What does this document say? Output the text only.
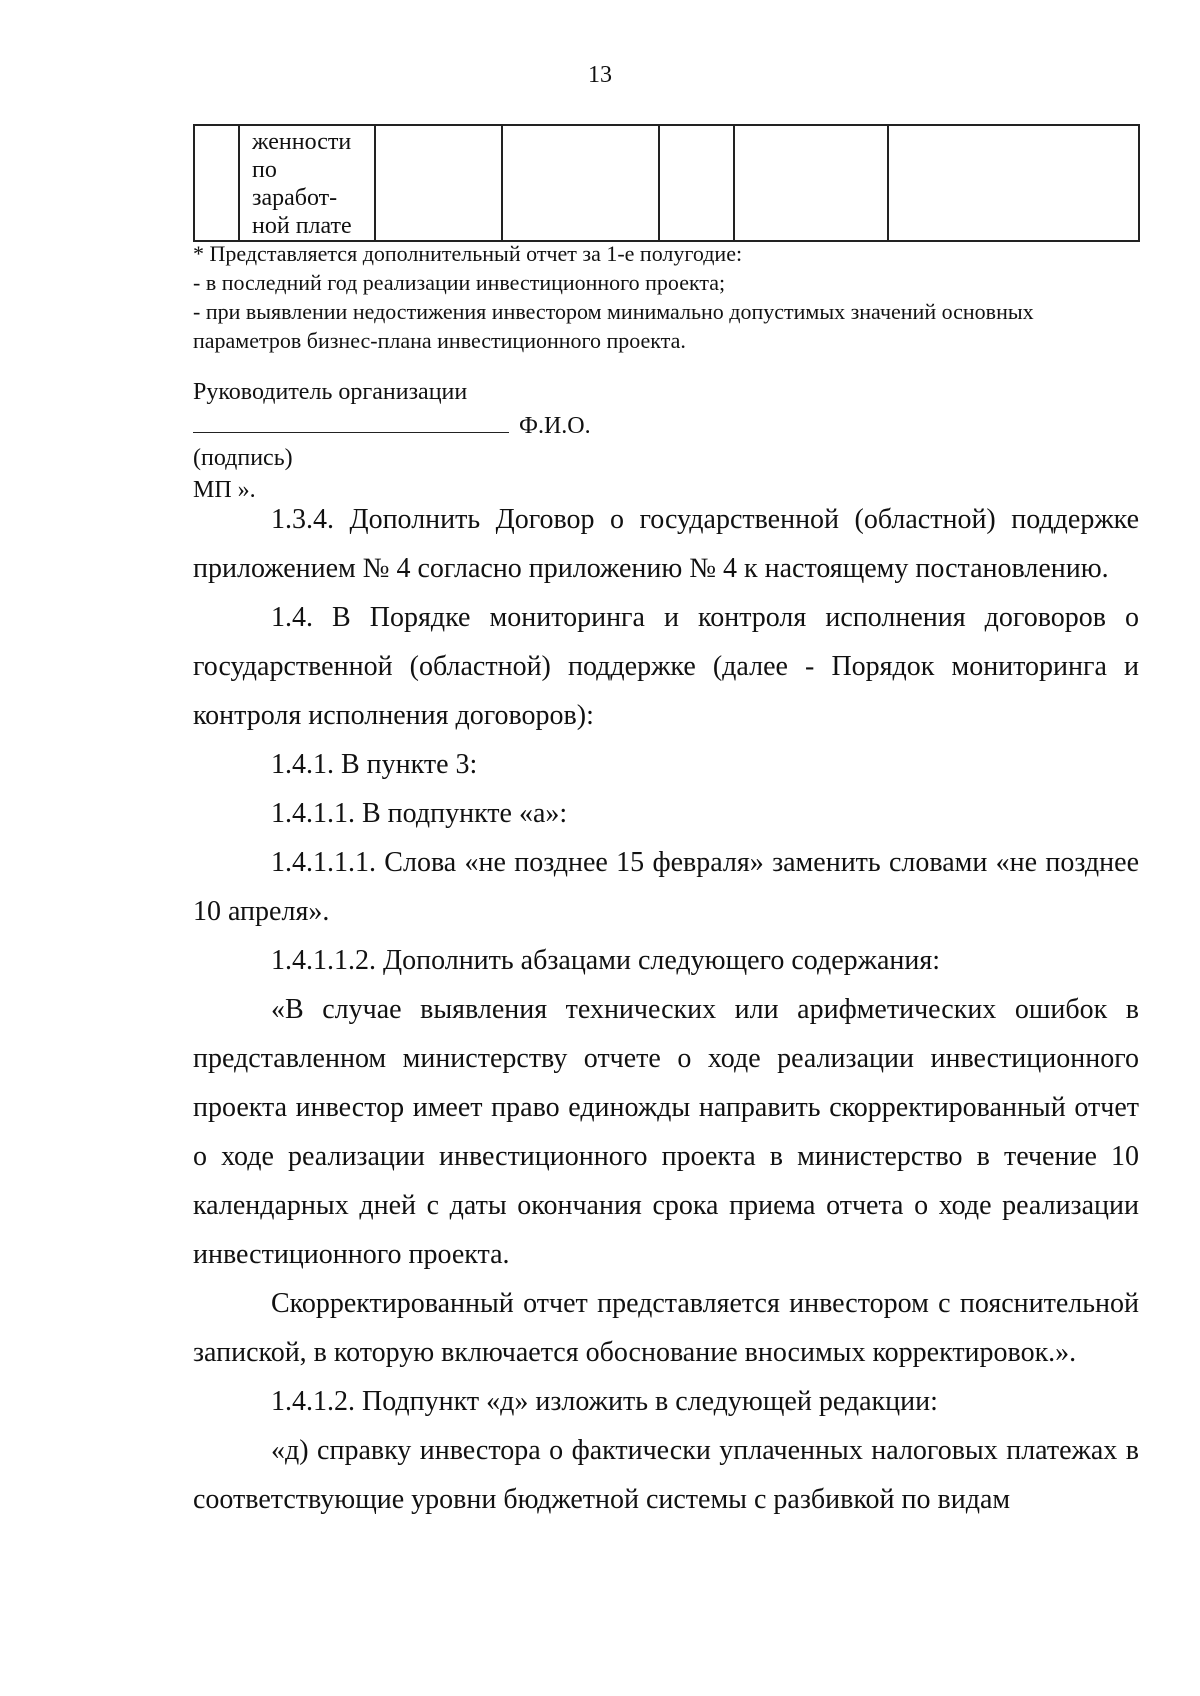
13

женности
по
заработ-
ной плате

* Представляется дополнительный отчет за 1-е полугодие:
- в последний год реализации инвестиционного проекта;
- при выявлении недостижения инвестором минимально допустимых значений основных
параметров бизнес-плана инвестиционного проекта.
Руководитель организации
Ф.И.О.
(подпись)
МП ».

1.3.4. Дополнить Договор о государственной (областной) поддержке приложением № 4 согласно приложению № 4 к настоящему постановлению.

1.4. В Порядке мониторинга и контроля исполнения договоров о государственной (областной) поддержке (далее - Порядок мониторинга и контроля исполнения договоров):

1.4.1. В пункте 3:

1.4.1.1. В подпункте «а»:

1.4.1.1.1. Слова «не позднее 15 февраля» заменить словами «не позднее 10 апреля».

1.4.1.1.2. Дополнить абзацами следующего содержания:

«В случае выявления технических или арифметических ошибок в представленном министерству отчете о ходе реализации инвестиционного проекта инвестор имеет право единожды направить скорректированный отчет о ходе реализации инвестиционного проекта в министерство в течение 10 календарных дней с даты окончания срока приема отчета о ходе реализации инвестиционного проекта.

Скорректированный отчет представляется инвестором с пояснительной запиской, в которую включается обоснование вносимых корректировок.».

1.4.1.2. Подпункт «д» изложить в следующей редакции:

«д) справку инвестора о фактически уплаченных налоговых платежах в соответствующие уровни бюджетной системы с разбивкой по видам
